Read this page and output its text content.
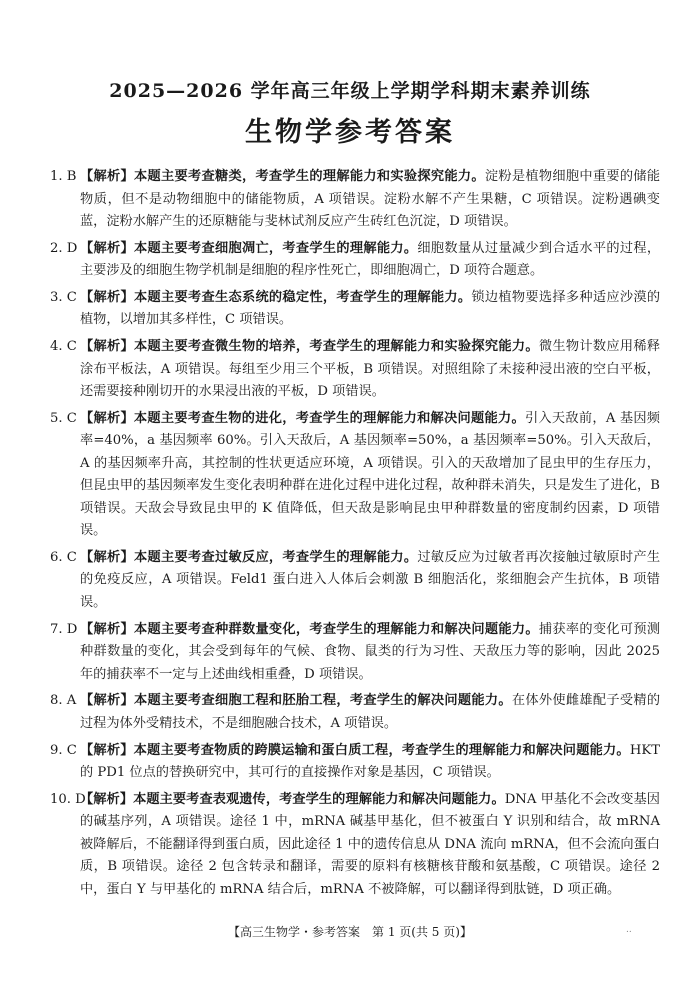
2025—2026 学年高三年级上学期学科期末素养训练
生物学参考答案
1. B 【解析】本题主要考查糖类，考查学生的理解能力和实验探究能力。淀粉是植物细胞中重要的储能物质，但不是动物细胞中的储能物质，A 项错误。淀粉水解不产生果糖，C 项错误。淀粉遇碘变蓝，淀粉水解产生的还原糖能与斐林试剂反应产生砖红色沉淀，D 项错误。
2. D 【解析】本题主要考查细胞凋亡，考查学生的理解能力。细胞数量从过量减少到合适水平的过程，主要涉及的细胞生物学机制是细胞的程序性死亡，即细胞凋亡，D 项符合题意。
3. C 【解析】本题主要考查生态系统的稳定性，考查学生的理解能力。锁边植物要选择多种适应沙漠的植物，以增加其多样性，C 项错误。
4. C 【解析】本题主要考查微生物的培养，考查学生的理解能力和实验探究能力。微生物计数应用稀释涂布平板法，A 项错误。每组至少用三个平板，B 项错误。对照组除了未接种浸出液的空白平板，还需要接种刚切开的水果浸出液的平板，D 项错误。
5. C 【解析】本题主要考查生物的进化，考查学生的理解能力和解决问题能力。引入天敌前，A 基因频率=40%，a 基因频率 60%。引入天敌后，A 基因频率=50%，a 基因频率=50%。引入天敌后，A 的基因频率升高，其控制的性状更适应环境，A 项错误。引入的天敌增加了昆虫甲的生存压力，但昆虫甲的基因频率发生变化表明种群在进化过程中进化过程，故种群未消失，只是发生了进化，B 项错误。天敌会导致昆虫甲的 K 值降低，但天敌是影响昆虫甲种群数量的密度制约因素，D 项错误。
6. C 【解析】本题主要考查过敏反应，考查学生的理解能力。过敏反应为过敏者再次接触过敏原时产生的免疫反应，A 项错误。Feld1 蛋白进入人体后会刺激 B 细胞活化，浆细胞会产生抗体，B 项错误。
7. D 【解析】本题主要考查种群数量变化，考查学生的理解能力和解决问题能力。捕获率的变化可预测种群数量的变化，其会受到每年的气候、食物、鼠类的行为习性、天敌压力等的影响，因此 2025 年的捕获率不一定与上述曲线相重叠，D 项错误。
8. A 【解析】本题主要考查细胞工程和胚胎工程，考查学生的解决问题能力。在体外使雌雄配子受精的过程为体外受精技术，不是细胞融合技术，A 项错误。
9. C 【解析】本题主要考查物质的跨膜运输和蛋白质工程，考查学生的理解能力和解决问题能力。HKT 的 PD1 位点的替换研究中，其可行的直接操作对象是基因，C 项错误。
10. D
【解析】本题主要考查表观遗传，考查学生的理解能力和解决问题能力。DNA 甲基化不会改变基因的碱基序列，A 项错误。途径 1 中，mRNA 碱基甲基化，但不被蛋白 Y 识别和结合，故 mRNA 被降解后，不能翻译得到蛋白质，因此途径 1 中的遗传信息从 DNA 流向 mRNA，但不会流向蛋白质，B 项错误。途径 2 包含转录和翻译，需要的原料有核糖核苷酸和氨基酸，C 项错误。途径 2 中，蛋白 Y 与甲基化的 mRNA 结合后，mRNA 不被降解，可以翻译得到肽链，D 项正确。
【高三生物学・参考答案　第 1 页(共 5 页)】	..
